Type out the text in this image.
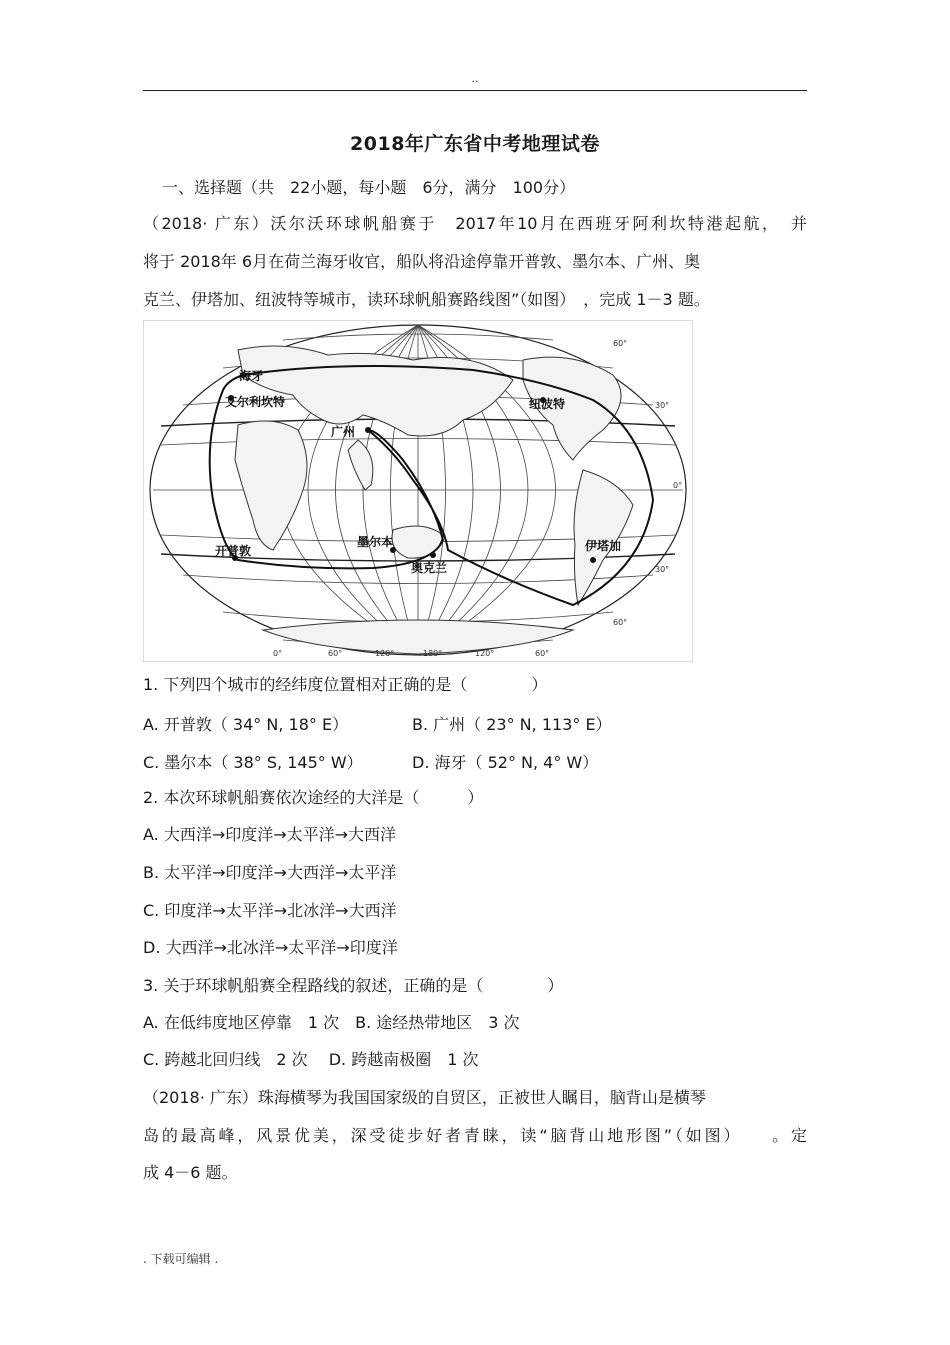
..
2018年广东省中考地理试卷
一、选择题（共　22小题，每小题　6分，满分　100分）
（2018· 广东）沃尔沃环球帆船赛于　2017年10月在西班牙阿利坎特港起航，　并
将于 2018年 6月在荷兰海牙收官，船队将沿途停靠开普敦、墨尔本、广州、奥
克兰、伊塔加、纽波特等城市，读环球帆船赛路线图”（如图）　，完成 1－3 题。
海牙
艾尔利坎特
广州
纽波特
开普敦
墨尔本
奥克兰
伊塔加
0°	60°	120°	180°	120°	60°
60°
30°
0°
30°
60°
1. 下列四个城市的经纬度位置相对正确的是（　　　　）
A. 开普敦（ 34° N, 18° E）	B. 广州（ 23° N, 113° E）
C. 墨尔本（ 38° S, 145° W）	D. 海牙（ 52° N, 4° W）
2. 本次环球帆船赛依次途经的大洋是（　　　）
A. 大西洋→印度洋→太平洋→大西洋
B. 太平洋→印度洋→大西洋→太平洋
C. 印度洋→太平洋→北冰洋→大西洋
D. 大西洋→北冰洋→太平洋→印度洋
3. 关于环球帆船赛全程路线的叙述，正确的是（　　　　）
A. 在低纬度地区停靠　1 次　B. 途经热带地区　3 次
C. 跨越北回归线　2 次　 D. 跨越南极圈　1 次
（2018· 广东）珠海横琴为我国国家级的自贸区，正被世人瞩目，脑背山是横琴
岛的最高峰，风景优美，深受徒步好者青睐，读“脑背山地形图”（如图）　　。定
成 4－6 题。
. 下载可编辑 .
